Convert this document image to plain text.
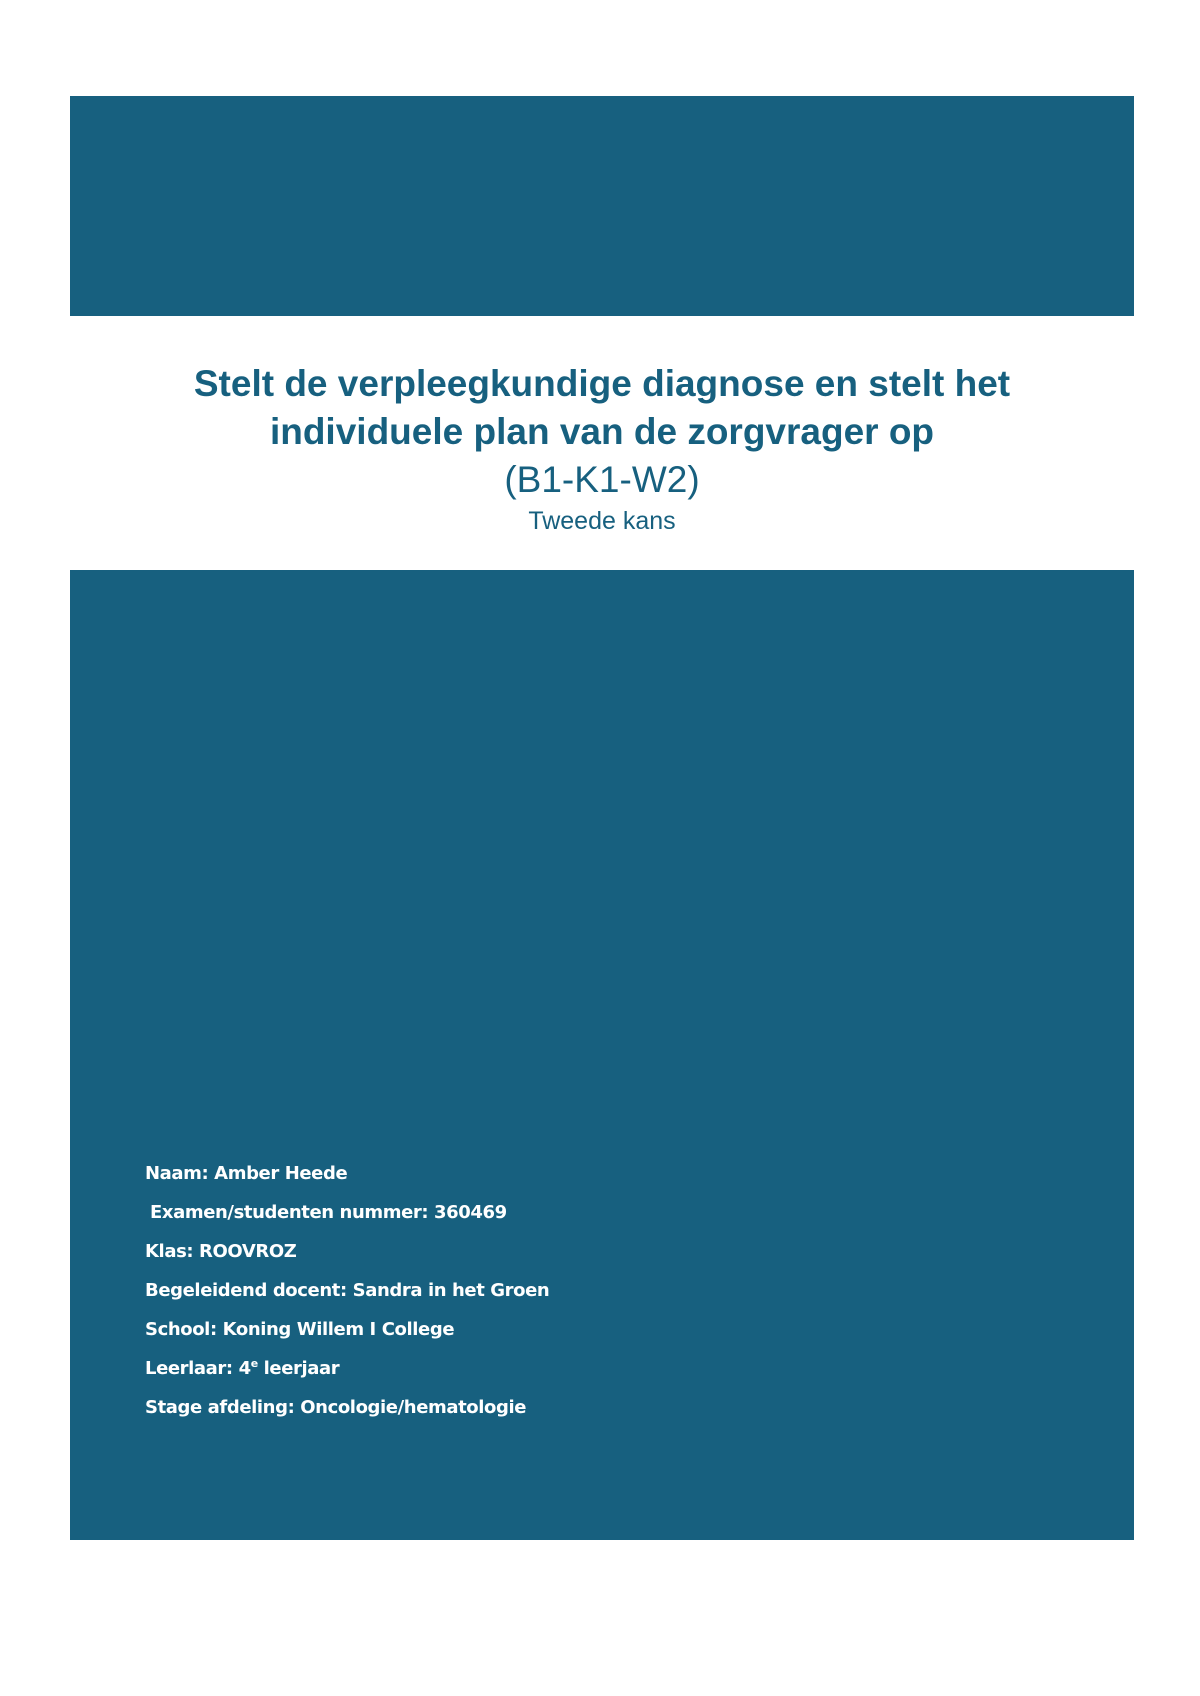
Stelt de verpleegkundige diagnose en stelt het
individuele plan van de zorgvrager op
(B1-K1-W2)
Tweede kans
Naam: Amber Heede
Examen/studenten nummer: 360469
Klas: ROOVROZ
Begeleidend docent: Sandra in het Groen
School: Koning Willem I College
Leerlaar: 4e leerjaar
Stage afdeling: Oncologie/hematologie
